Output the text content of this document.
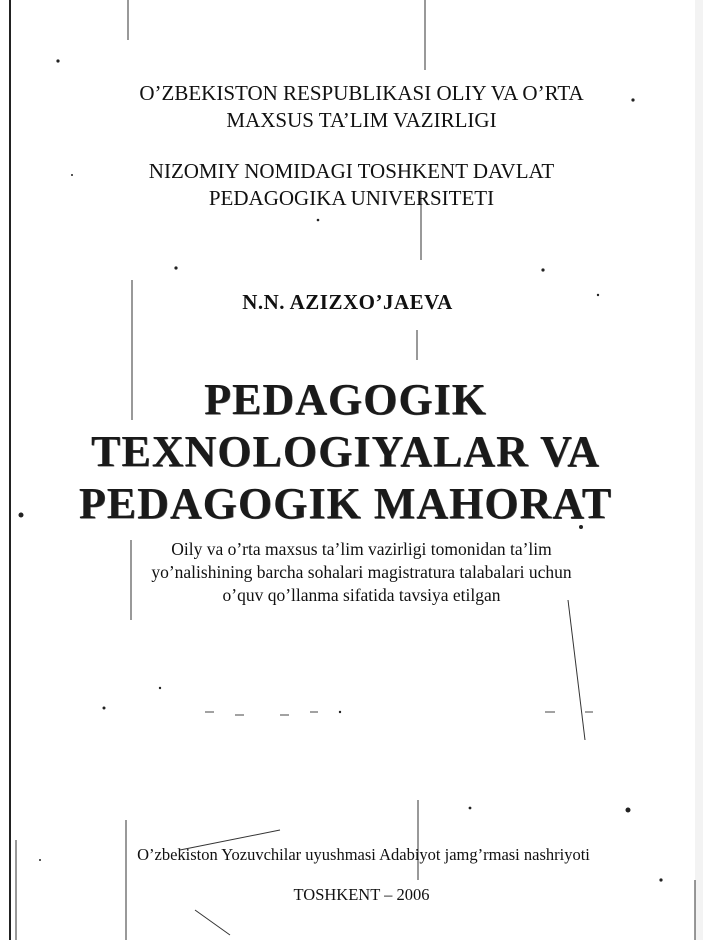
O’ZBEKISTON RESPUBLIKASI OLIY VA O’RTA
MAXSUS TA’LIM VAZIRLIGI
NIZOMIY NOMIDAGI TOSHKENT DAVLAT
PEDAGOGIKA UNIVERSITETI
N.N. AZIZXO’JAEVA
PEDAGOGIK
TEXNOLOGIYALAR VA
PEDAGOGIK MAHORAT
Oily va o’rta maxsus ta’lim vazirligi tomonidan ta’lim
yo’nalishining barcha sohalari magistratura talabalari uchun
o’quv qo’llanma sifatida tavsiya etilgan
O’zbekiston Yozuvchilar uyushmasi Adabiyot jamg’rmasi nashriyoti
TOSHKENT – 2006
